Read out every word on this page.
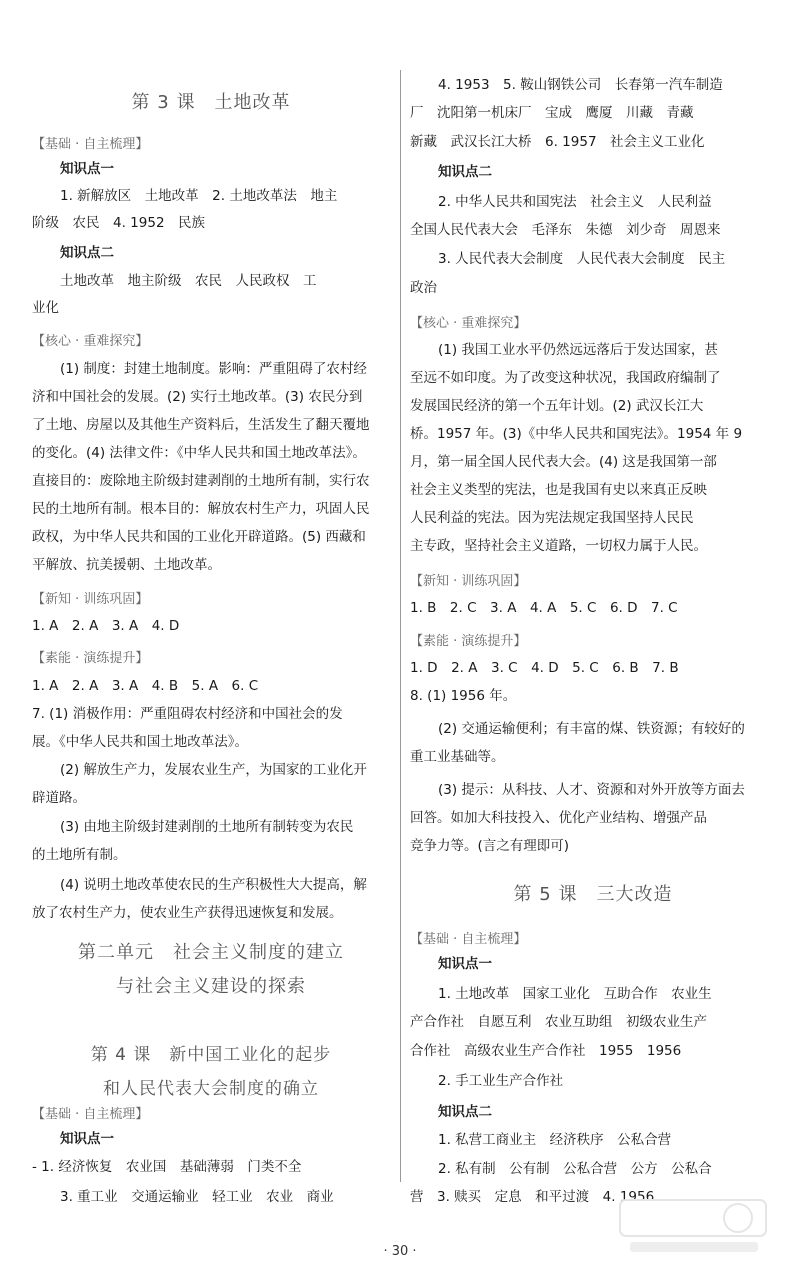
第 3 课　土地改革
【基础 · 自主梳理】
知识点一
1. 新解放区　土地改革　2. 土地改革法　地主
阶级　农民　4. 1952　民族
知识点二
土地改革　地主阶级　农民　人民政权　工
业化
【核心 · 重难探究】
(1) 制度：封建土地制度。影响：严重阻碍了农村经
济和中国社会的发展。(2) 实行土地改革。(3) 农民分到
了土地、房屋以及其他生产资料后，生活发生了翻天覆地
的变化。(4) 法律文件：《中华人民共和国土地改革法》。
直接目的：废除地主阶级封建剥削的土地所有制，实行农
民的土地所有制。根本目的：解放农村生产力，巩固人民
政权，为中华人民共和国的工业化开辟道路。(5) 西藏和
平解放、抗美援朝、土地改革。
【新知 · 训练巩固】
1. A　2. A　3. A　4. D
【素能 · 演练提升】
1. A　2. A　3. A　4. B　5. A　6. C
7. (1) 消极作用：严重阻碍农村经济和中国社会的发
展。《中华人民共和国土地改革法》。
(2) 解放生产力，发展农业生产，为国家的工业化开
辟道路。
(3) 由地主阶级封建剥削的土地所有制转变为农民
的土地所有制。
(4) 说明土地改革使农民的生产积极性大大提高，解
放了农村生产力，使农业生产获得迅速恢复和发展。
第二单元　社会主义制度的建立
与社会主义建设的探索
第 4 课　新中国工业化的起步
和人民代表大会制度的确立
【基础 · 自主梳理】
知识点一
- 1. 经济恢复　农业国　基础薄弱　门类不全
3. 重工业　交通运输业　轻工业　农业　商业
4. 1953　5. 鞍山钢铁公司　长春第一汽车制造
厂　沈阳第一机床厂　宝成　鹰厦　川藏　青藏
新藏　武汉长江大桥　6. 1957　社会主义工业化
知识点二
2. 中华人民共和国宪法　社会主义　人民利益
全国人民代表大会　毛泽东　朱德　刘少奇　周恩来
3. 人民代表大会制度　人民代表大会制度　民主
政治
【核心 · 重难探究】
(1) 我国工业水平仍然远远落后于发达国家，甚
至远不如印度。为了改变这种状况，我国政府编制了
发展国民经济的第一个五年计划。(2) 武汉长江大
桥。1957 年。(3)《中华人民共和国宪法》。1954 年 9
月，第一届全国人民代表大会。(4) 这是我国第一部
社会主义类型的宪法，也是我国有史以来真正反映
人民利益的宪法。因为宪法规定我国坚持人民民
主专政，坚持社会主义道路，一切权力属于人民。
【新知 · 训练巩固】
1. B　2. C　3. A　4. A　5. C　6. D　7. C
【素能 · 演练提升】
1. D　2. A　3. C　4. D　5. C　6. B　7. B
8. (1) 1956 年。
(2) 交通运输便利；有丰富的煤、铁资源；有较好的
重工业基础等。
(3) 提示：从科技、人才、资源和对外开放等方面去
回答。如加大科技投入、优化产业结构、增强产品
竞争力等。(言之有理即可)
第 5 课　三大改造
【基础 · 自主梳理】
知识点一
1. 土地改革　国家工业化　互助合作　农业生
产合作社　自愿互利　农业互助组　初级农业生产
合作社　高级农业生产合作社　1955　1956
2. 手工业生产合作社
知识点二
1. 私营工商业主　经济秩序　公私合营
2. 私有制　公有制　公私合营　公方　公私合
营　3. 赎买　定息　和平过渡　4. 1956
· 30 ·
